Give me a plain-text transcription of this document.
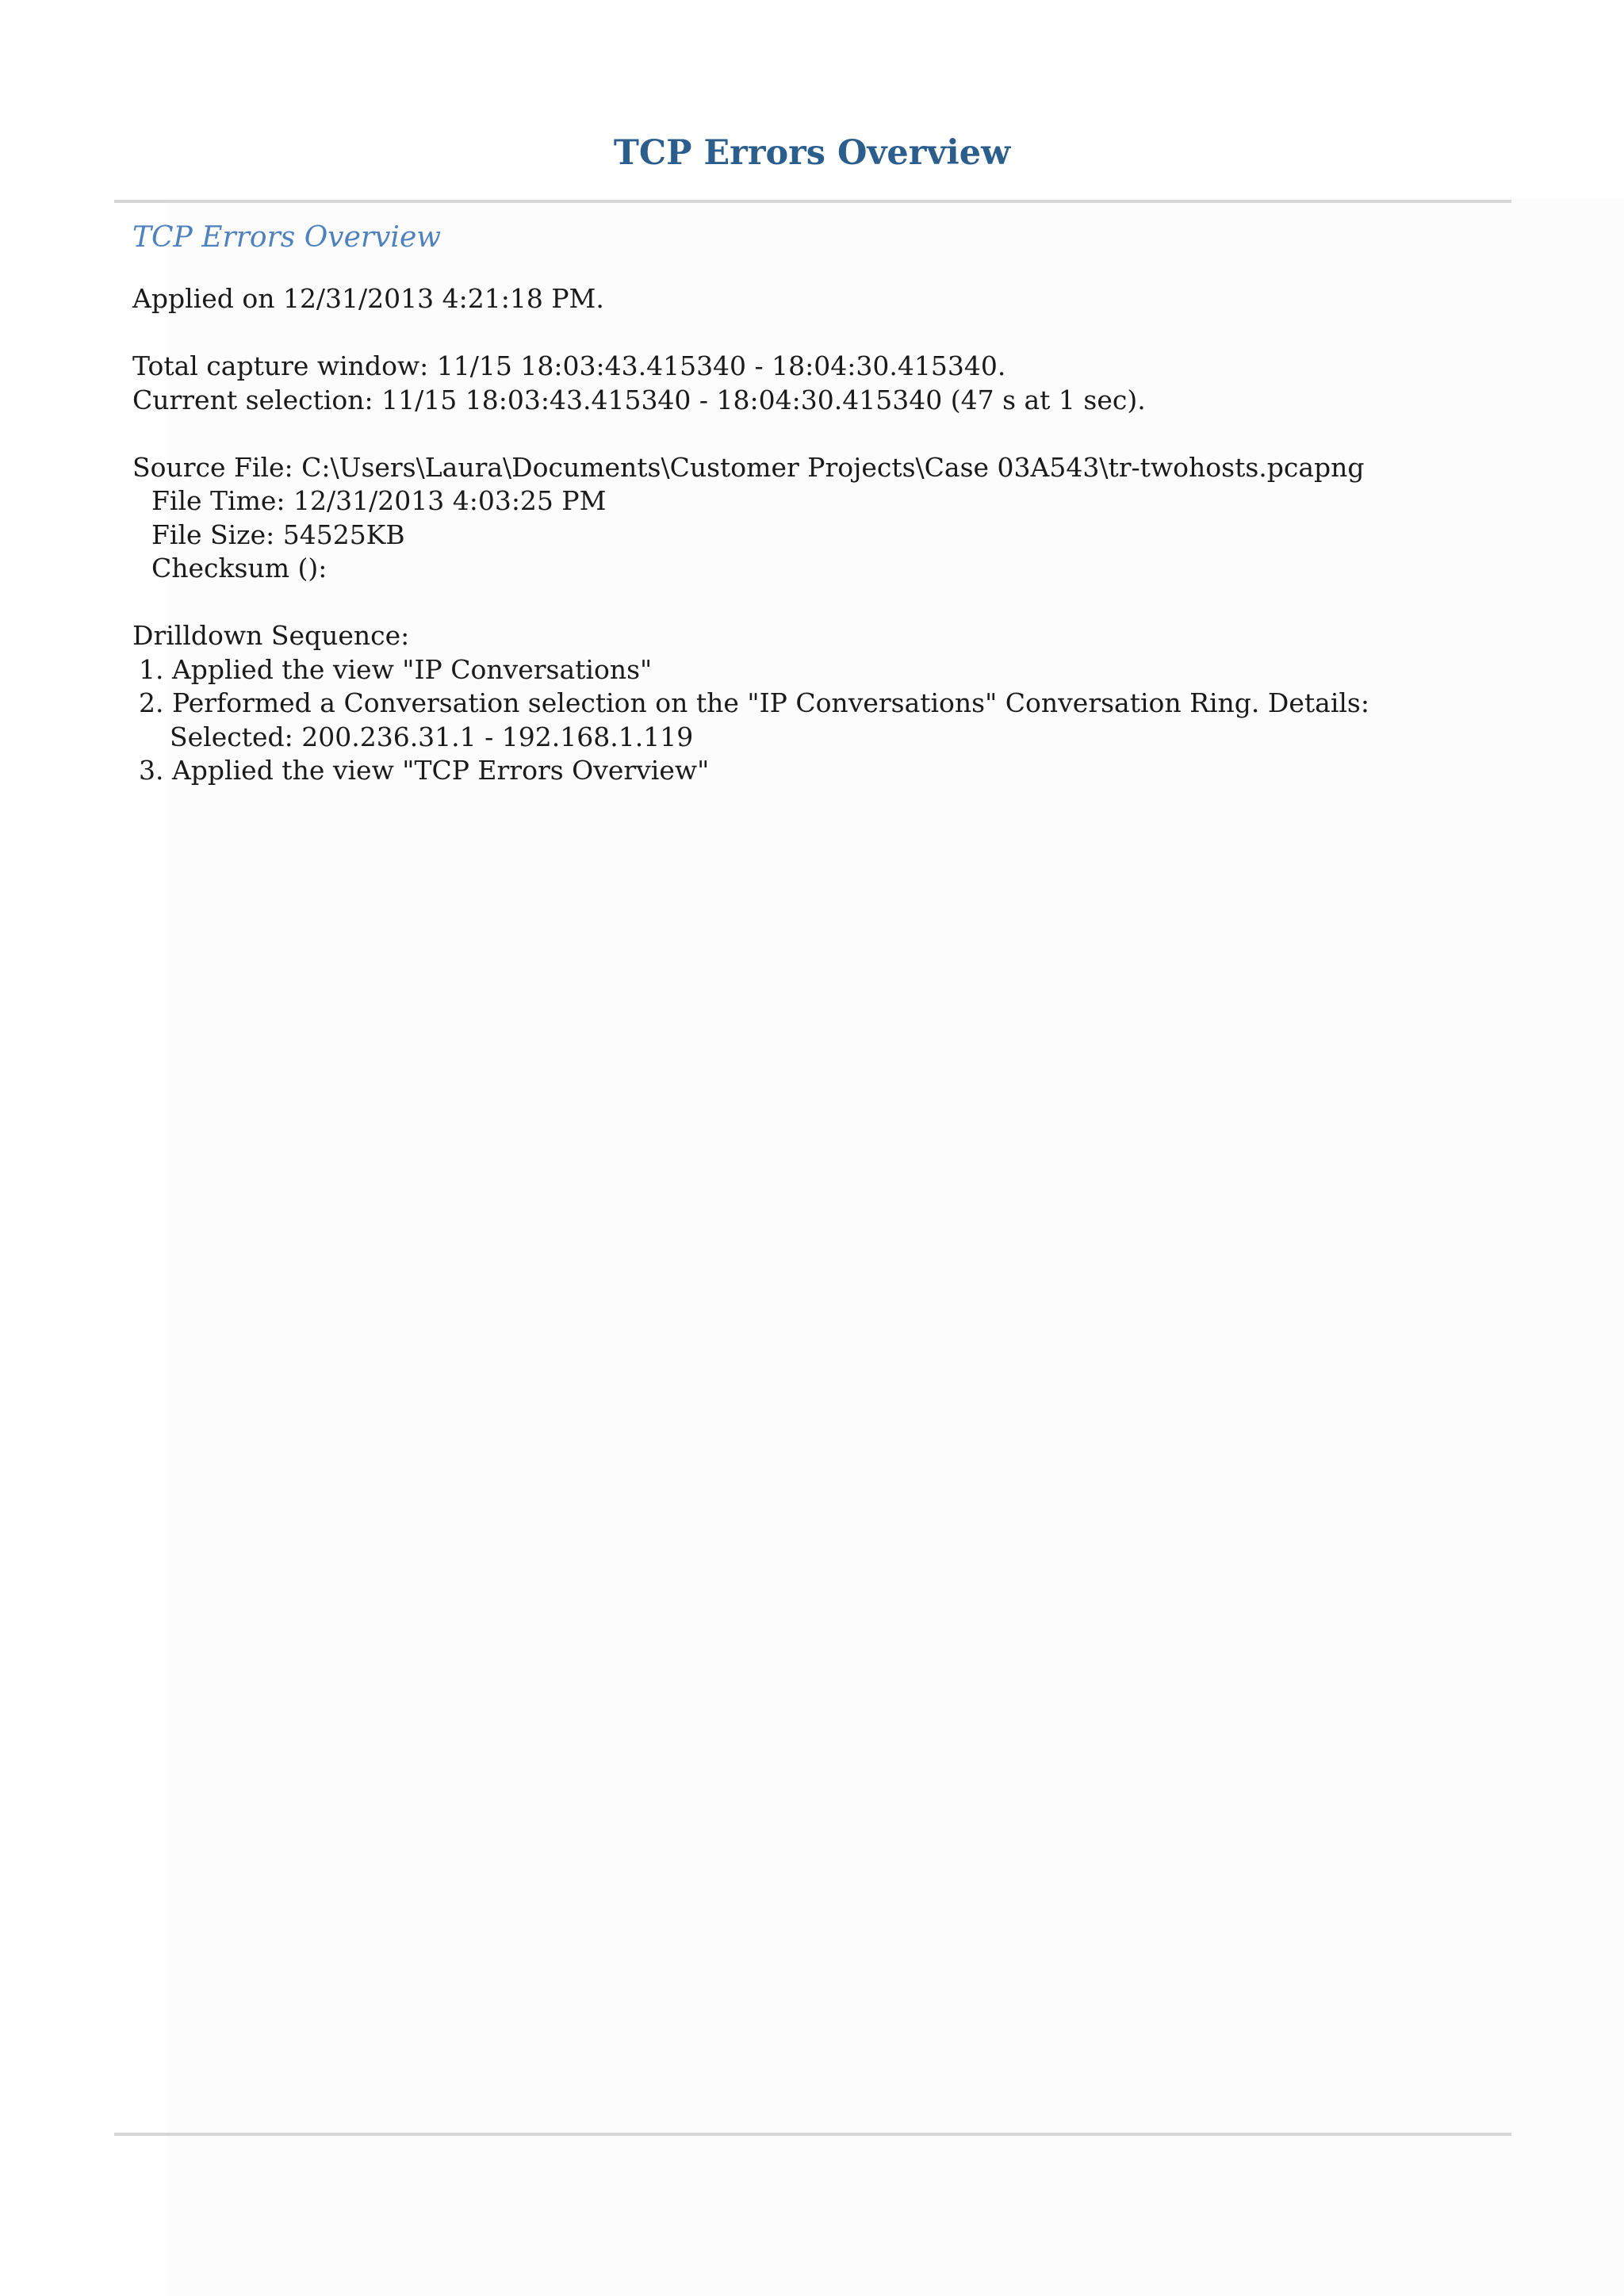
TCP Errors Overview
TCP Errors Overview
Applied on 12/31/2013 4:21:18 PM.
Total capture window: 11/15 18:03:43.415340 - 18:04:30.415340.
Current selection: 11/15 18:03:43.415340 - 18:04:30.415340 (47 s at 1 sec).
Source File: C:\Users\Laura\Documents\Customer Projects\Case 03A543\tr-twohosts.pcapng
File Time: 12/31/2013 4:03:25 PM
File Size: 54525KB
Checksum ():
Drilldown Sequence:
1. Applied the view "IP Conversations"
2. Performed a Conversation selection on the "IP Conversations" Conversation Ring. Details:
Selected: 200.236.31.1 - 192.168.1.119
3. Applied the view "TCP Errors Overview"
